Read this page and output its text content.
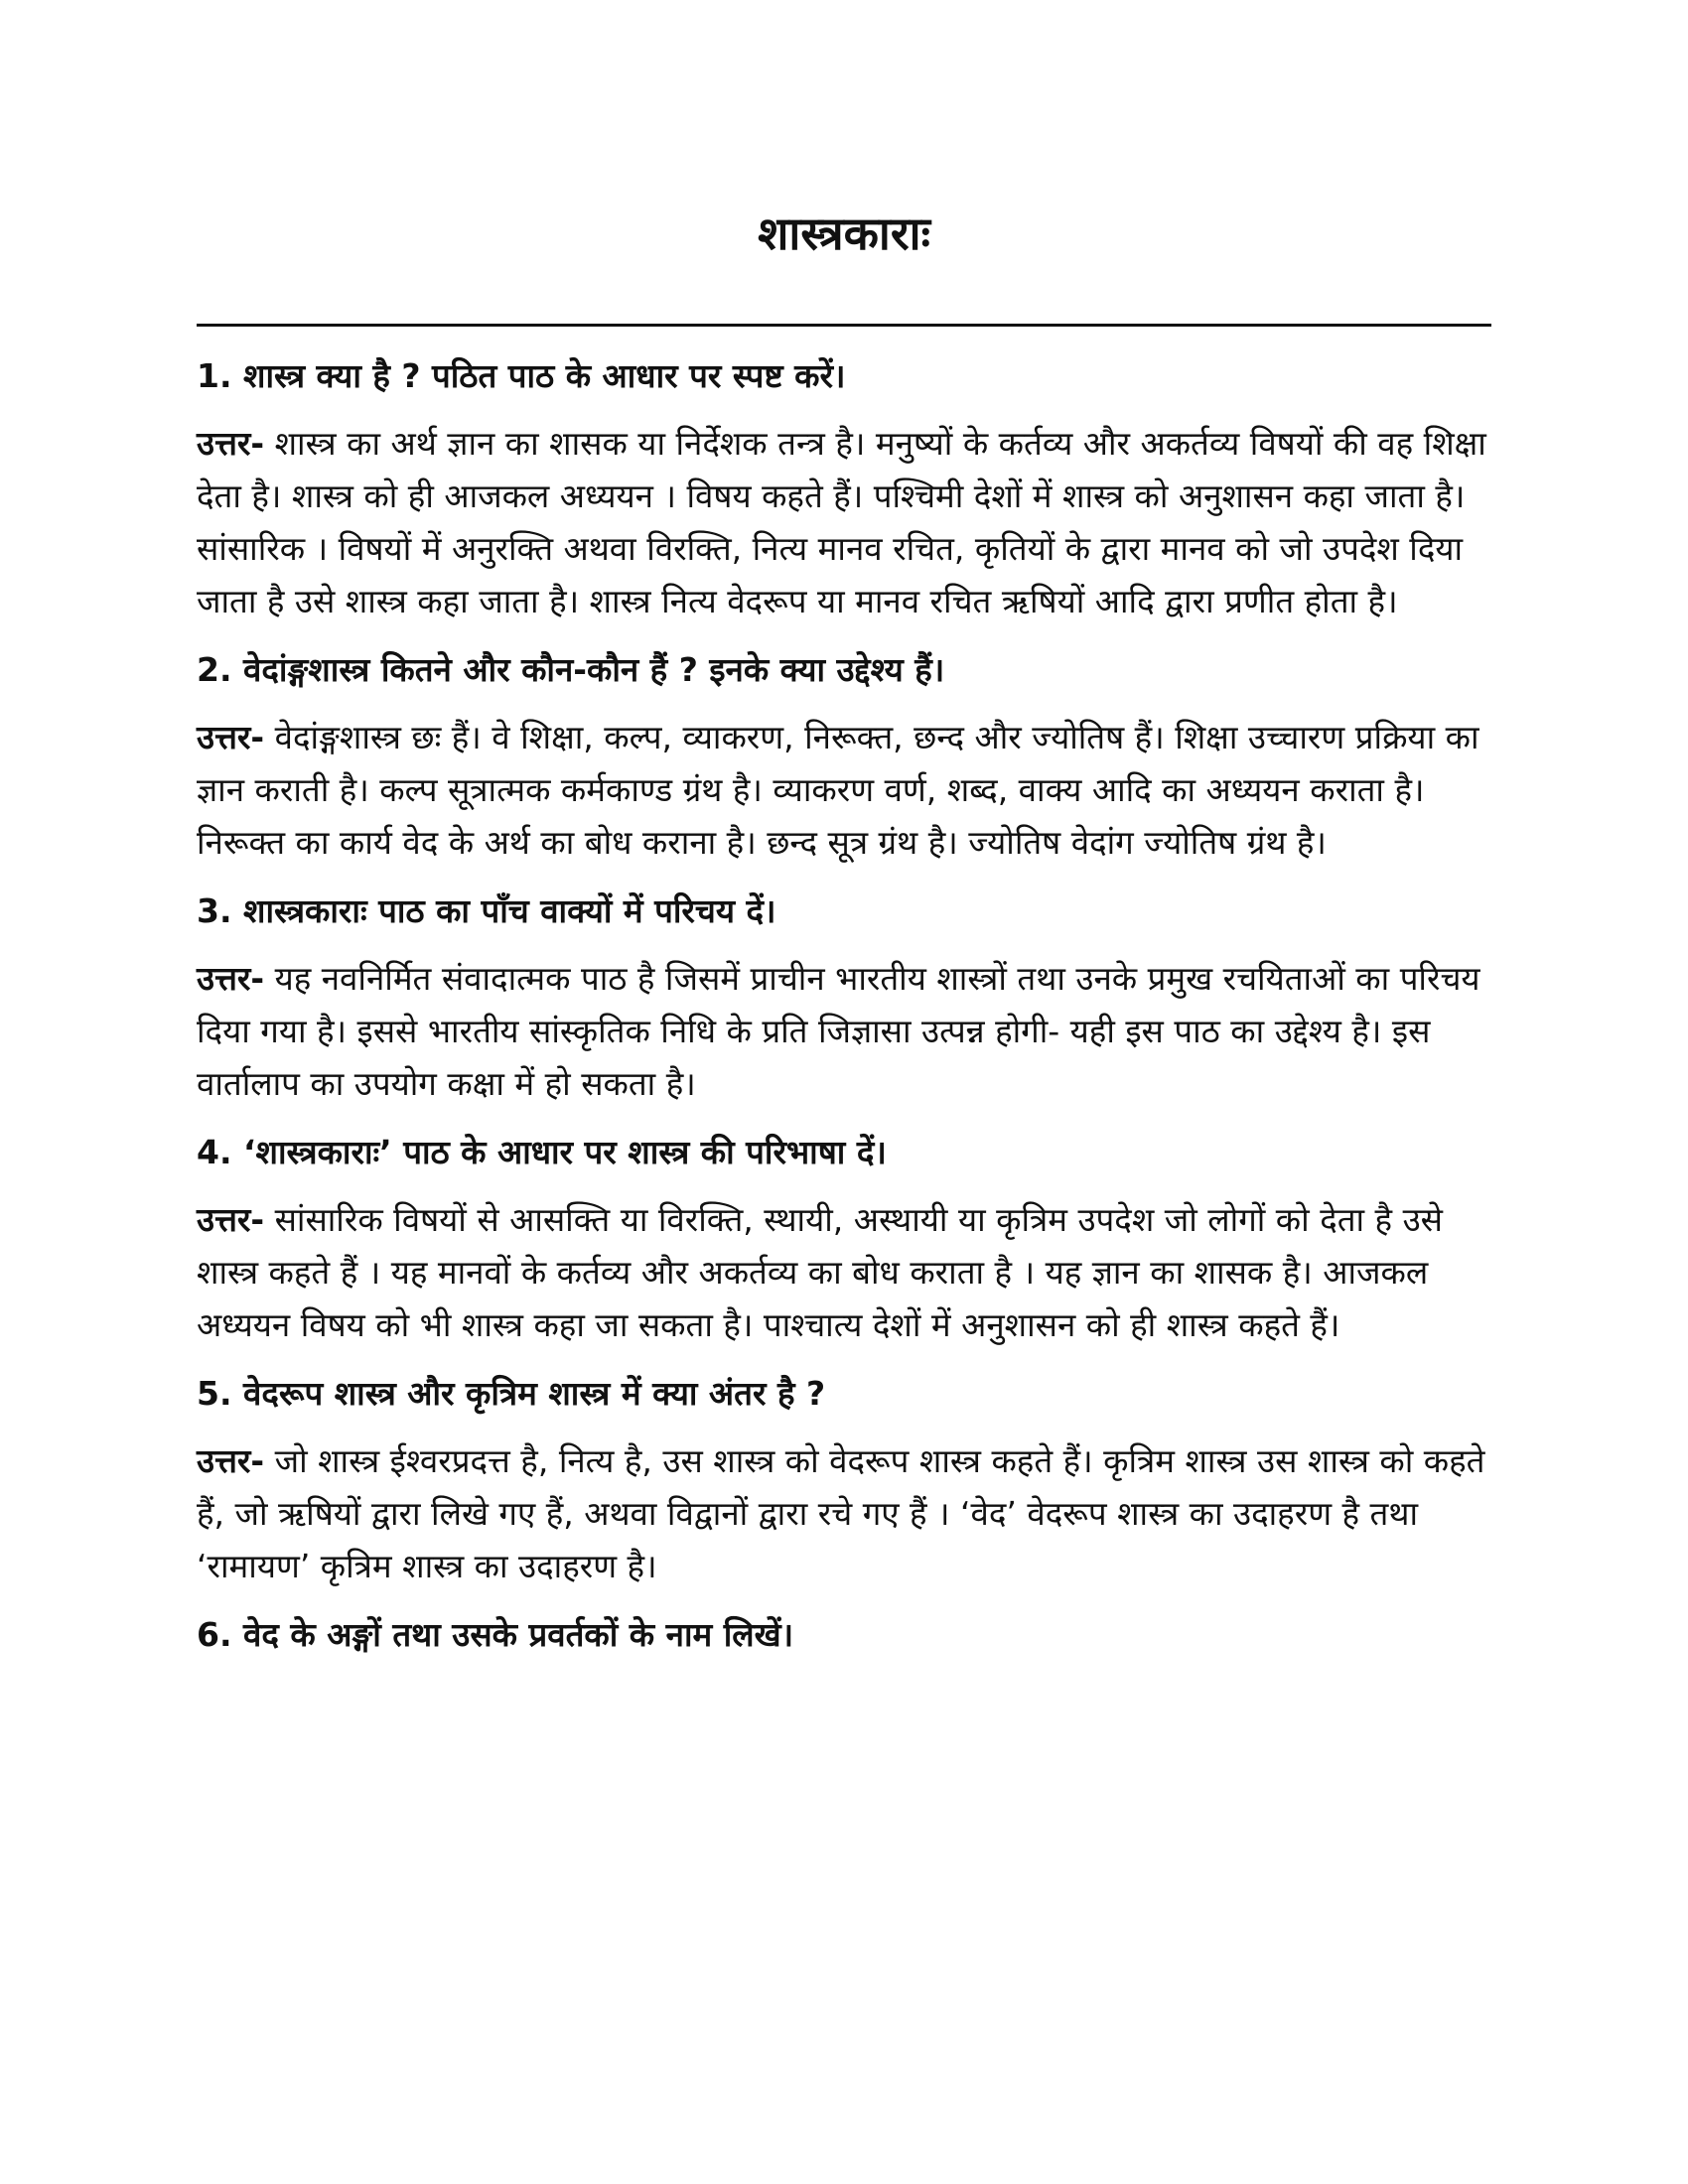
शास्त्रकाराः

1. शास्त्र क्या है ? पठित पाठ के आधार पर स्पष्ट करें।

उत्तर- शास्त्र का अर्थ ज्ञान का शासक या निर्देशक तन्त्र है। मनुष्यों के कर्तव्य और अकर्तव्य विषयों की वह शिक्षा देता है। शास्त्र को ही आजकल अध्ययन । विषय कहते हैं। पश्चिमी देशों में शास्त्र को अनुशासन कहा जाता है। सांसारिक । विषयों में अनुरक्ति अथवा विरक्ति, नित्य मानव रचित, कृतियों के द्वारा मानव को जो उपदेश दिया जाता है उसे शास्त्र कहा जाता है। शास्त्र नित्य वेदरूप या मानव रचित ऋषियों आदि द्वारा प्रणीत होता है।

2. वेदांङ्गशास्त्र कितने और कौन-कौन हैं ? इनके क्या उद्देश्य हैं।

उत्तर- वेदांङ्गशास्त्र छः हैं। वे शिक्षा, कल्प, व्याकरण, निरूक्त, छन्द और ज्योतिष हैं। शिक्षा उच्चारण प्रक्रिया का ज्ञान कराती है। कल्प सूत्रात्मक कर्मकाण्ड ग्रंथ है। व्याकरण वर्ण, शब्द, वाक्य आदि का अध्ययन कराता है। निरूक्त का कार्य वेद के अर्थ का बोध कराना है। छन्द सूत्र ग्रंथ है। ज्योतिष वेदांग ज्योतिष ग्रंथ है।

3. शास्त्रकाराः पाठ का पाँच वाक्यों में परिचय दें।

उत्तर- यह नवनिर्मित संवादात्मक पाठ है जिसमें प्राचीन भारतीय शास्त्रों तथा उनके प्रमुख रचयिताओं का परिचय दिया गया है। इससे भारतीय सांस्कृतिक निधि के प्रति जिज्ञासा उत्पन्न होगी- यही इस पाठ का उद्देश्य है। इस वार्तालाप का उपयोग कक्षा में हो सकता है।

4. ‘शास्त्रकाराः’ पाठ के आधार पर शास्त्र की परिभाषा दें।

उत्तर- सांसारिक विषयों से आसक्ति या विरक्ति, स्थायी, अस्थायी या कृत्रिम उपदेश जो लोगों को देता है उसे शास्त्र कहते हैं । यह मानवों के कर्तव्य और अकर्तव्य का बोध कराता है । यह ज्ञान का शासक है। आजकल अध्ययन विषय को भी शास्त्र कहा जा सकता है। पाश्चात्य देशों में अनुशासन को ही शास्त्र कहते हैं।

5. वेदरूप शास्त्र और कृत्रिम शास्त्र में क्या अंतर है ?

उत्तर- जो शास्त्र ईश्वरप्रदत्त है, नित्य है, उस शास्त्र को वेदरूप शास्त्र कहते हैं। कृत्रिम शास्त्र उस शास्त्र को कहते हैं, जो ऋषियों द्वारा लिखे गए हैं, अथवा विद्वानों द्वारा रचे गए हैं । ‘वेद’ वेदरूप शास्त्र का उदाहरण है तथा ‘रामायण’ कृत्रिम शास्त्र का उदाहरण है।

6. वेद के अङ्गों तथा उसके प्रवर्तकों के नाम लिखें।
